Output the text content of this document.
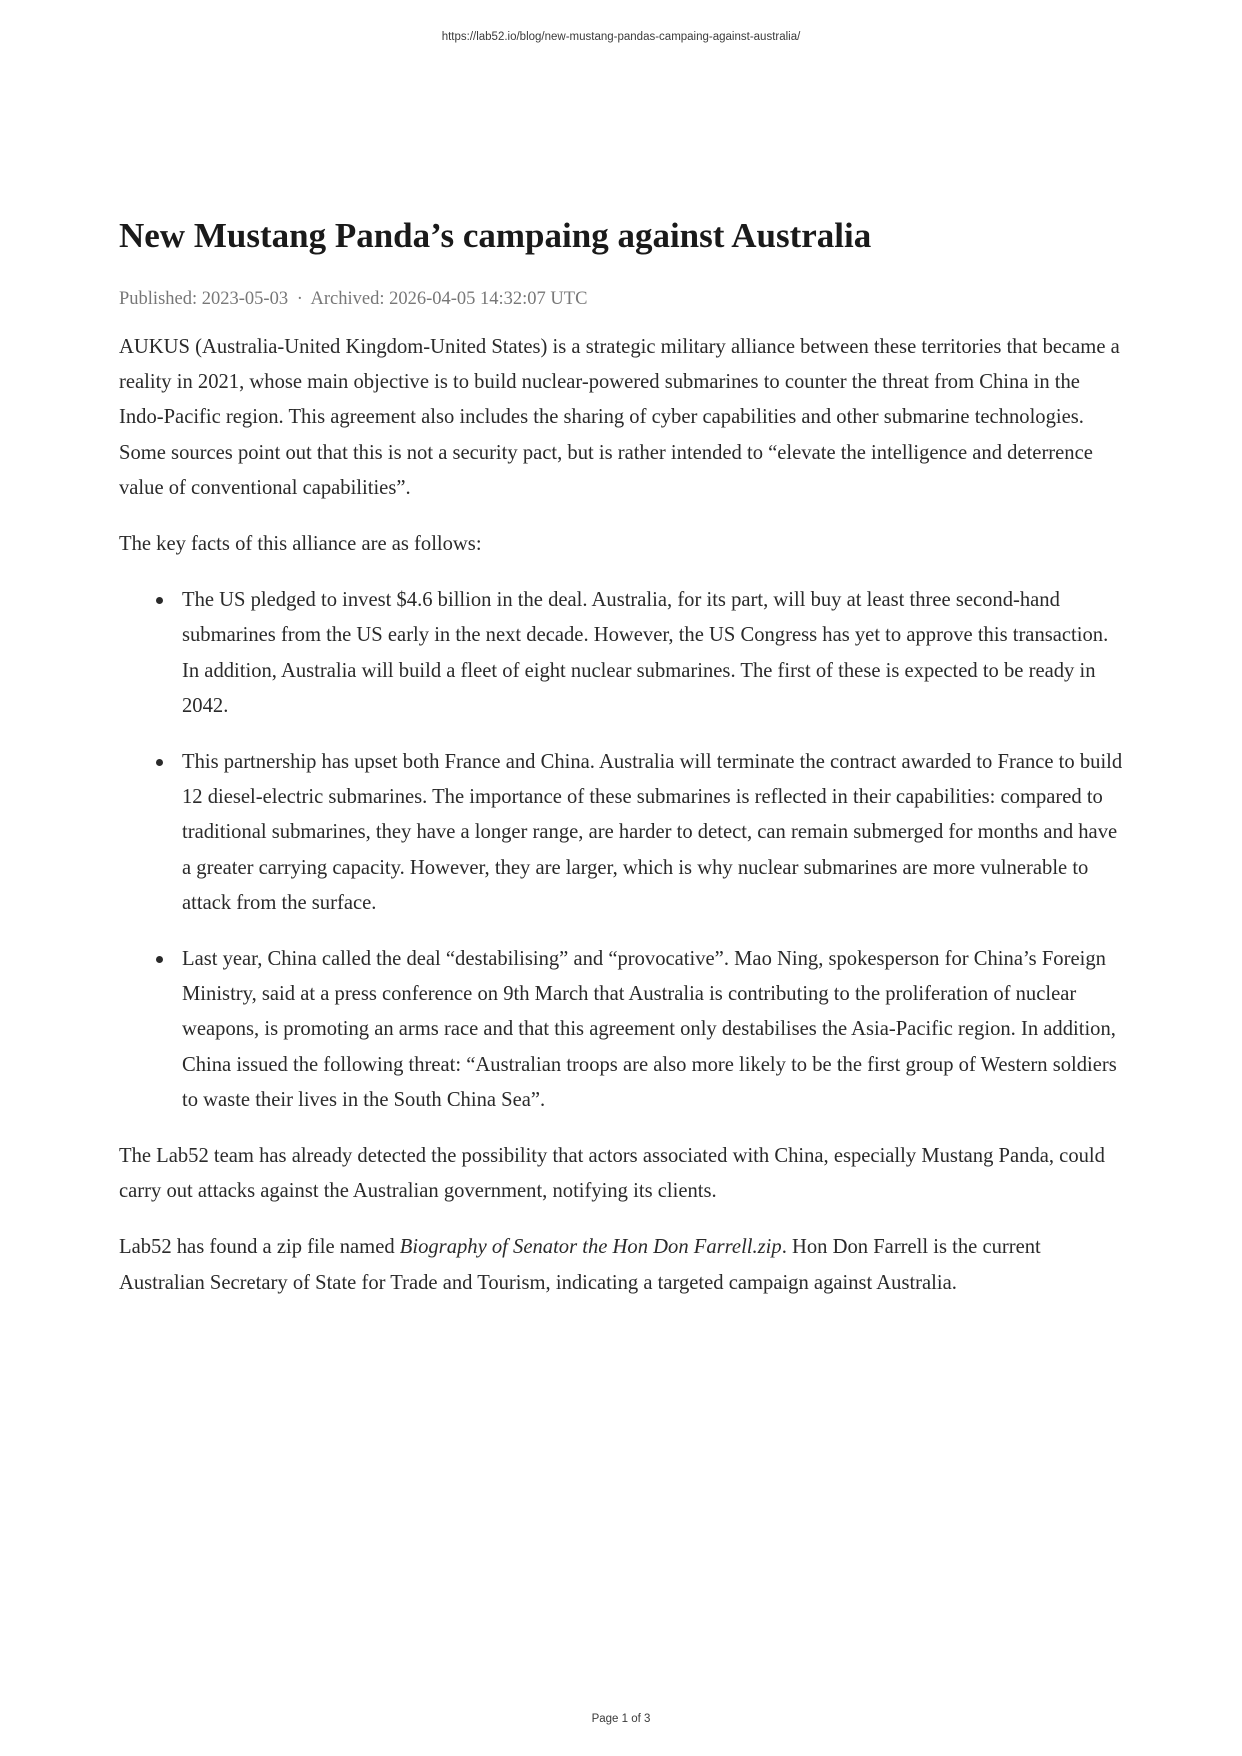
https://lab52.io/blog/new-mustang-pandas-campaing-against-australia/
New Mustang Panda’s campaing against Australia
Published: 2023-05-03 · Archived: 2026-04-05 14:32:07 UTC

AUKUS (Australia-United Kingdom-United States) is a strategic military alliance between these territories that became a reality in 2021, whose main objective is to build nuclear-powered submarines to counter the threat from China in the Indo-Pacific region. This agreement also includes the sharing of cyber capabilities and other submarine technologies. Some sources point out that this is not a security pact, but is rather intended to “elevate the intelligence and deterrence value of conventional capabilities”.

The key facts of this alliance are as follows:

The US pledged to invest $4.6 billion in the deal. Australia, for its part, will buy at least three second-hand submarines from the US early in the next decade. However, the US Congress has yet to approve this transaction. In addition, Australia will build a fleet of eight nuclear submarines. The first of these is expected to be ready in 2042.
This partnership has upset both France and China. Australia will terminate the contract awarded to France to build 12 diesel-electric submarines. The importance of these submarines is reflected in their capabilities: compared to traditional submarines, they have a longer range, are harder to detect, can remain submerged for months and have a greater carrying capacity. However, they are larger, which is why nuclear submarines are more vulnerable to attack from the surface.
Last year, China called the deal “destabilising” and “provocative”. Mao Ning, spokesperson for China’s Foreign Ministry, said at a press conference on 9th March that Australia is contributing to the proliferation of nuclear weapons, is promoting an arms race and that this agreement only destabilises the Asia-Pacific region. In addition, China issued the following threat: “Australian troops are also more likely to be the first group of Western soldiers to waste their lives in the South China Sea”.

The Lab52 team has already detected the possibility that actors associated with China, especially Mustang Panda, could carry out attacks against the Australian government, notifying its clients.

Lab52 has found a zip file named Biography of Senator the Hon Don Farrell.zip. Hon Don Farrell is the current Australian Secretary of State for Trade and Tourism, indicating a targeted campaign against Australia.

Page 1 of 3
